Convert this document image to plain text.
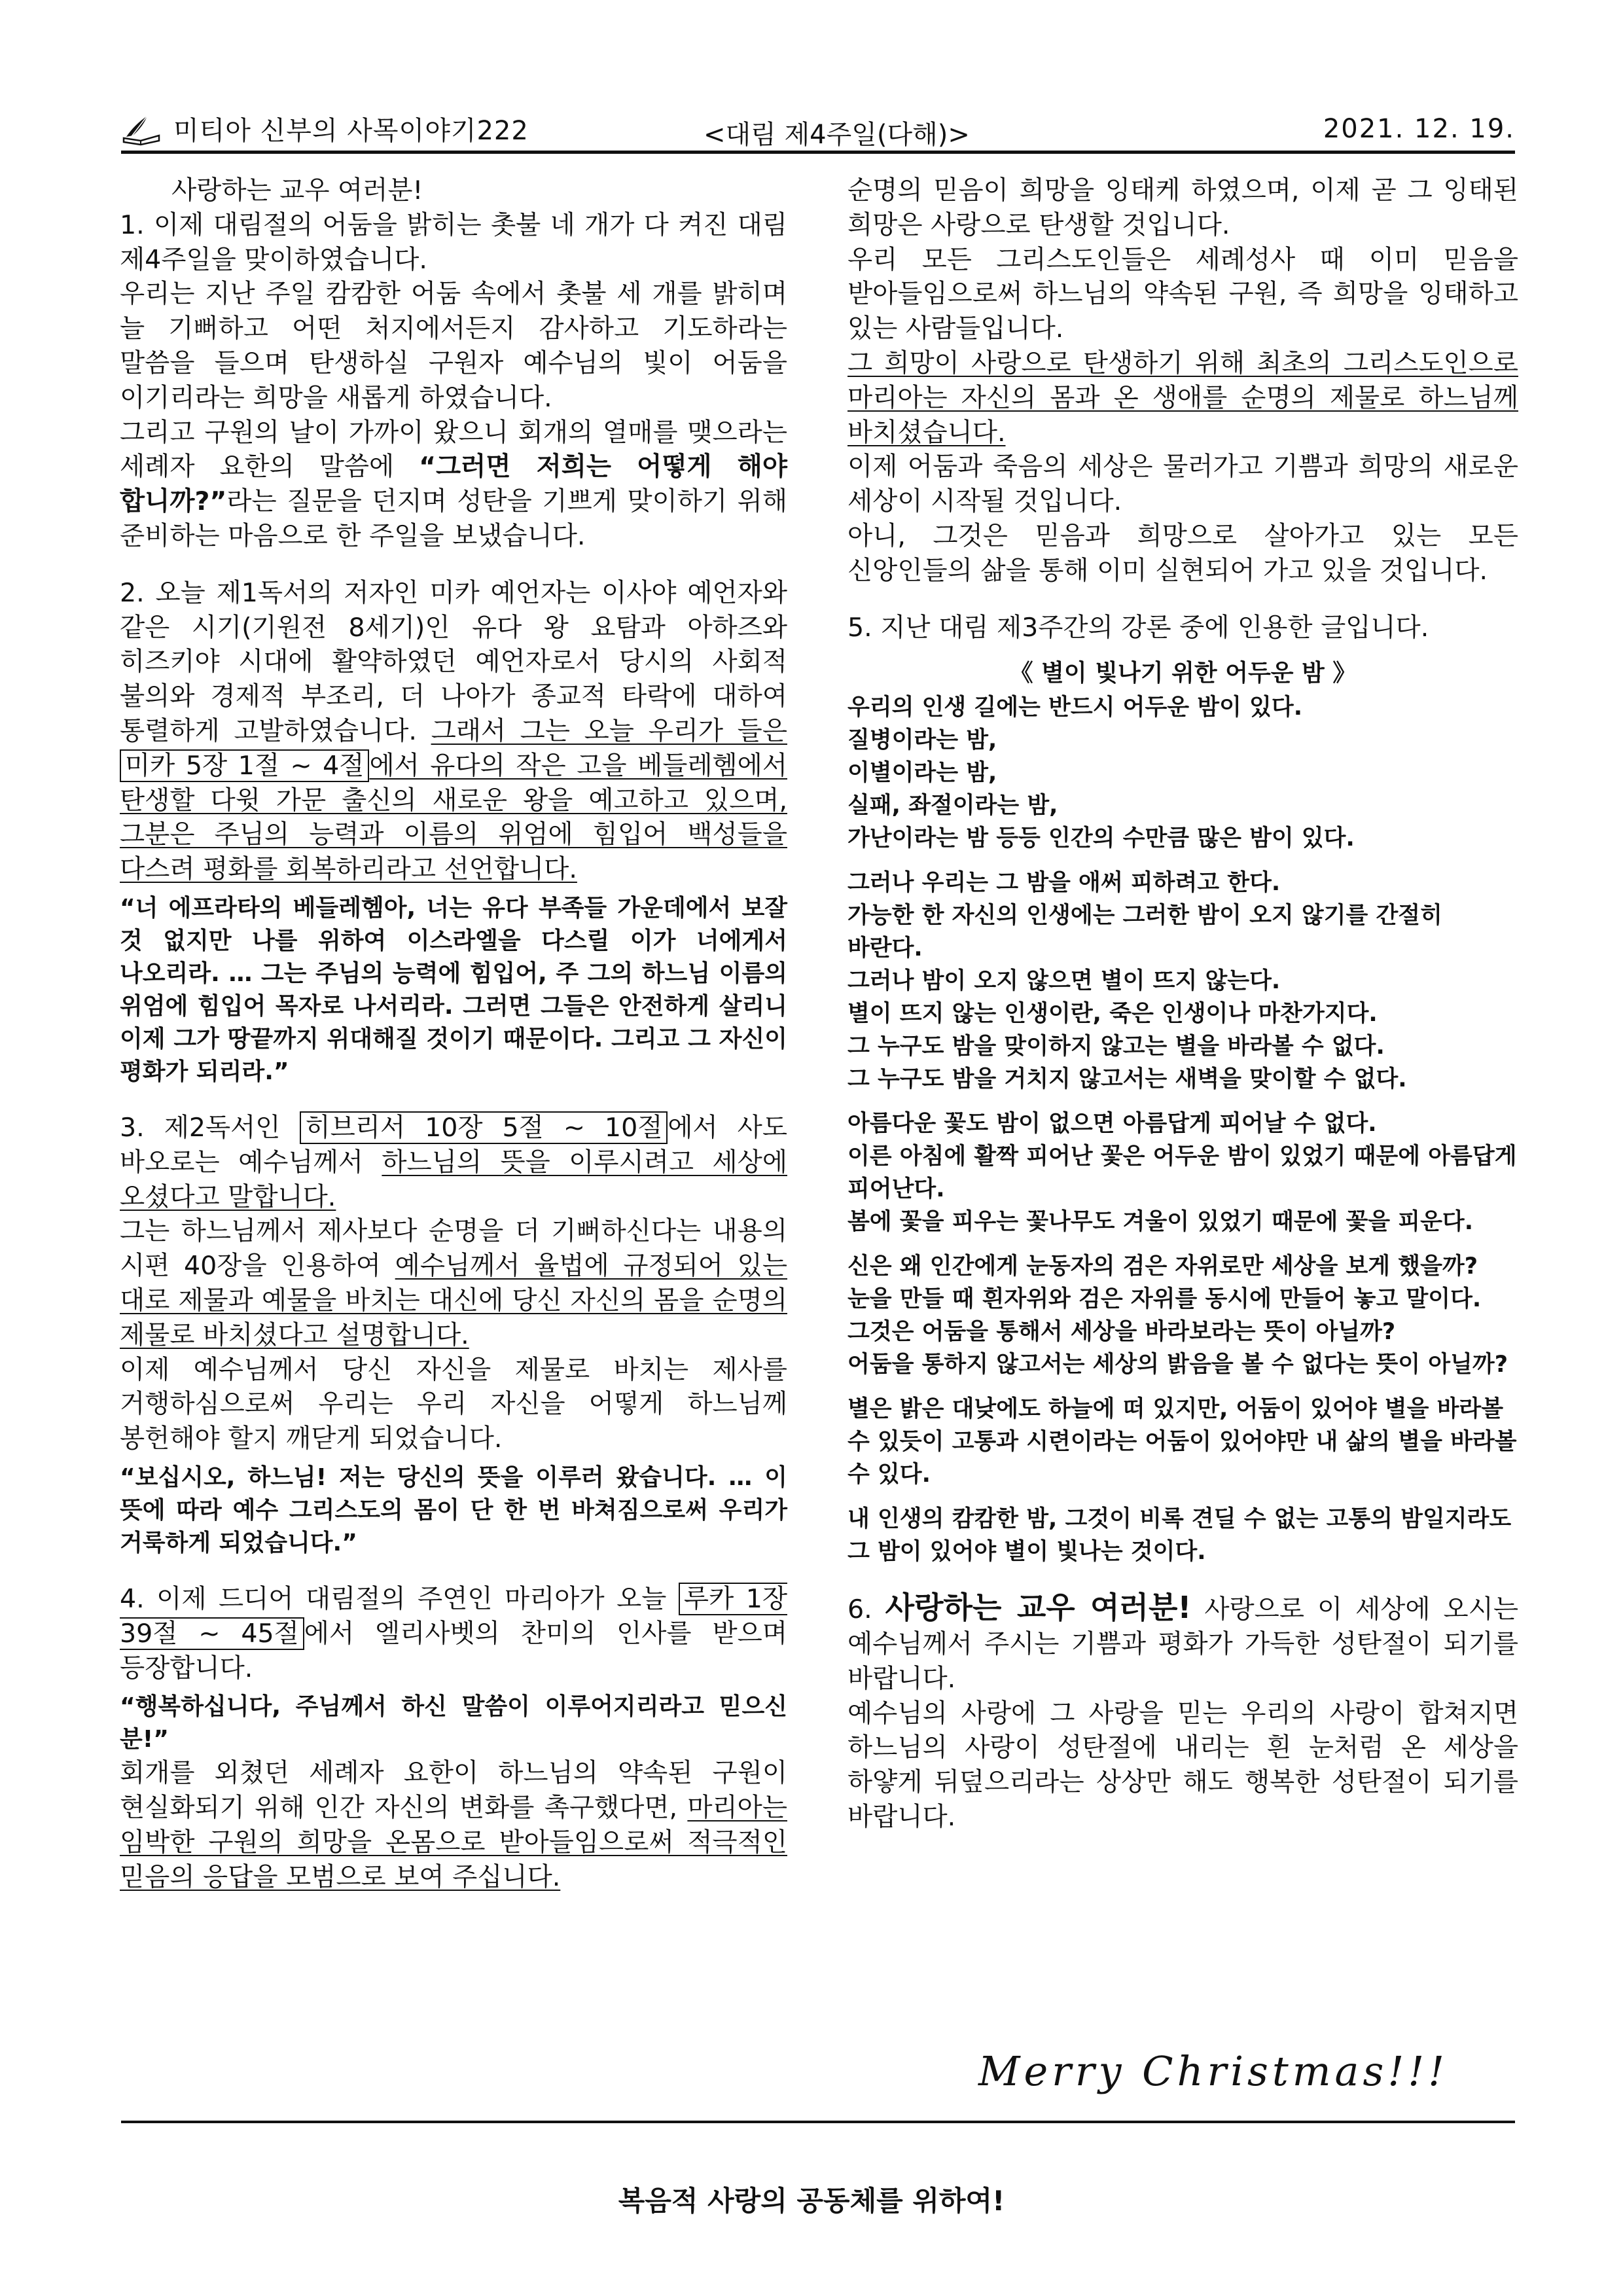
미티아 신부의 사목이야기222	<대림 제4주일(다해)>	2021. 12. 19.

사랑하는 교우 여러분!

1. 이제 대림절의 어둠을 밝히는 촛불 네 개가 다 켜진 대림 제4주일을 맞이하였습니다.

우리는 지난 주일 캄캄한 어둠 속에서 촛불 세 개를 밝히며 늘 기뻐하고 어떤 처지에서든지 감사하고 기도하라는 말씀을 들으며 탄생하실 구원자 예수님의 빛이 어둠을 이기리라는 희망을 새롭게 하였습니다.

그리고 구원의 날이 가까이 왔으니 회개의 열매를 맺으라는 세례자 요한의 말씀에 “그러면 저희는 어떻게 해야 합니까?”라는 질문을 던지며 성탄을 기쁘게 맞이하기 위해 준비하는 마음으로 한 주일을 보냈습니다.

2. 오늘 제1독서의 저자인 미카 예언자는 이사야 예언자와 같은 시기(기원전 8세기)인 유다 왕 요탐과 아하즈와 히즈키야 시대에 활약하였던 예언자로서 당시의 사회적 불의와 경제적 부조리, 더 나아가 종교적 타락에 대하여 통렬하게 고발하였습니다. 그래서 그는 오늘 우리가 들은 미카 5장 1절 ~ 4절 에서 유다의 작은 고을 베들레헴에서 탄생할 다윗 가문 출신의 새로운 왕을 예고하고 있으며, 그분은 주님의 능력과 이름의 위엄에 힘입어 백성들을 다스려 평화를 회복하리라고 선언합니다.

“너 에프라타의 베들레헴아, 너는 유다 부족들 가운데에서 보잘 것 없지만 나를 위하여 이스라엘을 다스릴 이가 너에게서 나오리라. … 그는 주님의 능력에 힘입어, 주 그의 하느님 이름의 위엄에 힘입어 목자로 나서리라. 그러면 그들은 안전하게 살리니 이제 그가 땅끝까지 위대해질 것이기 때문이다. 그리고 그 자신이 평화가 되리라.”

3. 제2독서인 히브리서 10장 5절 ~ 10절 에서 사도 바오로는 예수님께서 하느님의 뜻을 이루시려고 세상에 오셨다고 말합니다.

그는 하느님께서 제사보다 순명을 더 기뻐하신다는 내용의 시편 40장을 인용하여 예수님께서 율법에 규정되어 있는 대로 제물과 예물을 바치는 대신에 당신 자신의 몸을 순명의 제물로 바치셨다고 설명합니다.

이제 예수님께서 당신 자신을 제물로 바치는 제사를 거행하심으로써 우리는 우리 자신을 어떻게 하느님께 봉헌해야 할지 깨닫게 되었습니다.

“보십시오, 하느님! 저는 당신의 뜻을 이루러 왔습니다. … 이 뜻에 따라 예수 그리스도의 몸이 단 한 번 바쳐짐으로써 우리가 거룩하게 되었습니다.”

4. 이제 드디어 대림절의 주연인 마리아가 오늘 루카 1장 39절 ~ 45절 에서 엘리사벳의 찬미의 인사를 받으며 등장합니다.

“행복하십니다, 주님께서 하신 말씀이 이루어지리라고 믿으신 분!”

회개를 외쳤던 세례자 요한이 하느님의 약속된 구원이 현실화되기 위해 인간 자신의 변화를 촉구했다면, 마리아는 임박한 구원의 희망을 온몸으로 받아들임으로써 적극적인 믿음의 응답을 모범으로 보여 주십니다.

순명의 믿음이 희망을 잉태케 하였으며, 이제 곧 그 잉태된 희망은 사랑으로 탄생할 것입니다.

우리 모든 그리스도인들은 세례성사 때 이미 믿음을 받아들임으로써 하느님의 약속된 구원, 즉 희망을 잉태하고 있는 사람들입니다.

그 희망이 사랑으로 탄생하기 위해 최초의 그리스도인으로 마리아는 자신의 몸과 온 생애를 순명의 제물로 하느님께 바치셨습니다.

이제 어둠과 죽음의 세상은 물러가고 기쁨과 희망의 새로운 세상이 시작될 것입니다.

아니, 그것은 믿음과 희망으로 살아가고 있는 모든 신앙인들의 삶을 통해 이미 실현되어 가고 있을 것입니다.

5. 지난 대림 제3주간의 강론 중에 인용한 글입니다.

《 별이 빛나기 위한 어두운 밤 》

우리의 인생 길에는 반드시 어두운 밤이 있다.

질병이라는 밤,

이별이라는 밤,

실패, 좌절이라는 밤,

가난이라는 밤 등등 인간의 수만큼 많은 밤이 있다.

그러나 우리는 그 밤을 애써 피하려고 한다.

가능한 한 자신의 인생에는 그러한 밤이 오지 않기를 간절히 바란다.

그러나 밤이 오지 않으면 별이 뜨지 않는다.

별이 뜨지 않는 인생이란, 죽은 인생이나 마찬가지다.

그 누구도 밤을 맞이하지 않고는 별을 바라볼 수 없다.

그 누구도 밤을 거치지 않고서는 새벽을 맞이할 수 없다.

아름다운 꽃도 밤이 없으면 아름답게 피어날 수 없다.

이른 아침에 활짝 피어난 꽃은 어두운 밤이 있었기 때문에 아름답게 피어난다.

봄에 꽃을 피우는 꽃나무도 겨울이 있었기 때문에 꽃을 피운다.

신은 왜 인간에게 눈동자의 검은 자위로만 세상을 보게 했을까? 눈을 만들 때 흰자위와 검은 자위를 동시에 만들어 놓고 말이다.

그것은 어둠을 통해서 세상을 바라보라는 뜻이 아닐까?

어둠을 통하지 않고서는 세상의 밝음을 볼 수 없다는 뜻이 아닐까?

별은 밝은 대낮에도 하늘에 떠 있지만, 어둠이 있어야 별을 바라볼 수 있듯이 고통과 시련이라는 어둠이 있어야만 내 삶의 별을 바라볼 수 있다.

내 인생의 캄캄한 밤, 그것이 비록 견딜 수 없는 고통의 밤일지라도 그 밤이 있어야 별이 빛나는 것이다.

6. 사랑하는 교우 여러분! 사랑으로 이 세상에 오시는 예수님께서 주시는 기쁨과 평화가 가득한 성탄절이 되기를 바랍니다.

예수님의 사랑에 그 사랑을 믿는 우리의 사랑이 합쳐지면 하느님의 사랑이 성탄절에 내리는 흰 눈처럼 온 세상을 하얗게 뒤덮으리라는 상상만 해도 행복한 성탄절이 되기를 바랍니다.

Merry Christmas!!!
복음적 사랑의 공동체를 위하여!
